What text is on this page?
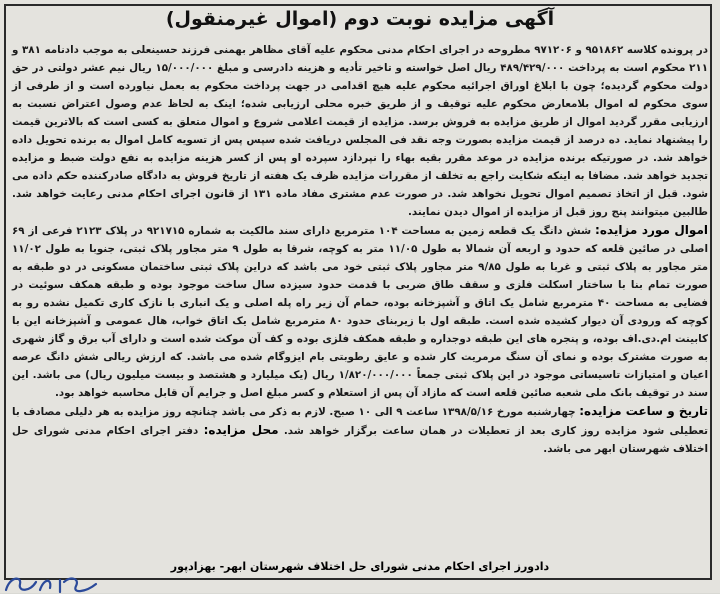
آگهی مزایده نوبت دوم (اموال غیرمنقول)

در پرونده کلاسه ۹۵۱۸۶۲ و ۹۷۱۲۰۶ مطروحه در اجرای احکام مدنی محکوم علیه آقای مظاهر بهمنی فرزند حسینعلی به موجب دادنامه ۳۸۱ و ۲۱۱ محکوم است به پرداخت ۴۸۹/۴۲۹/۰۰۰ ریال اصل خواسته و تاخیر تأدیه و هزینه دادرسی و مبلغ ۱۵/۰۰۰/۰۰۰ ریال نیم عشر دولتی در حق دولت محکوم گردیده؛ چون با ابلاغ اوراق اجرائیه محکوم علیه هیچ اقدامی در جهت پرداخت محکوم به بعمل نیاورده است و از طرفی از سوی محکوم له اموال بلامعارض محکوم علیه توقیف و از طریق خبره محلی ارزیابی شده؛ اینک به لحاظ عدم وصول اعتراض نسبت به ارزیابی مقرر گردید اموال از طریق مزایده به فروش برسد. مزایده از قیمت اعلامی شروع و اموال متعلق به کسی است که بالاترین قیمت را پیشنهاد نماید. ده درصد از قیمت مزایده بصورت وجه نقد فی المجلس دریافت شده سپس پس از تسویه کامل اموال به برنده تحویل داده خواهد شد. در صورتیکه برنده مزایده در موعد مقرر بقیه بهاء را نپردازد سپرده او پس از کسر هزینه مزایده به نفع دولت ضبط و مزایده تجدید خواهد شد. مضافا به اینکه شکایت راجع به تخلف از مقررات مزایده ظرف یک هفته از تاریخ فروش به دادگاه صادرکننده حکم داده می شود. قبل از اتخاذ تصمیم اموال تحویل نخواهد شد. در صورت عدم مشتری مفاد ماده ۱۳۱ از قانون اجرای احکام مدنی رعایت خواهد شد. طالبین میتوانند پنج روز قبل از مزایده از اموال دیدن نمایند.

اموال مورد مزایده: شش دانگ یک قطعه زمین به مساحت ۱۰۴ مترمربع دارای سند مالکیت به شماره ۹۲۱۷۱۵ در پلاک ۲۱۲۳ فرعی از ۶۹ اصلی در صائین قلعه که حدود و اربعه آن شمالا به طول ۱۱/۰۵ متر به کوچه، شرقا به طول ۹ متر مجاور پلاک ثبتی، جنوبا به طول ۱۱/۰۲ متر مجاور به پلاک ثبتی و غربا به طول ۹/۸۵ متر مجاور پلاک ثبتی خود می باشد که دراین پلاک ثبتی ساختمان مسکونی در دو طبقه به صورت تمام بنا با ساختار اسکلت فلزی و سقف طاق ضربی با قدمت حدود سیزده سال ساخت موجود بوده و طبقه همکف سوئیت در فضایی به مساحت ۴۰ مترمربع شامل یک اتاق و آشپزخانه بوده، حمام آن زیر راه پله اصلی و یک انباری با نازک کاری تکمیل نشده رو به کوچه که ورودی آن دیوار کشیده شده است. طبقه اول با زیربنای حدود ۸۰ مترمربع شامل یک اتاق خواب، هال عمومی و آشپزخانه این با کابینت ام.دی.اف بوده، و پنجره های این طبقه دوجداره و طبقه همکف فلزی بوده و کف آن موکت شده است و دارای آب برق و گاز شهری به صورت مشترک بوده و نمای آن سنگ مرمریت کار شده و عایق رطوبتی بام ایزوگام شده می باشد. که ارزش ریالی شش دانگ عرصه اعیان و امتیازات تاسیساتی موجود در این پلاک ثبتی جمعاً ۱/۸۲۰/۰۰۰/۰۰۰ ریال (یک میلیارد و هشتصد و بیست میلیون ریال) می باشد. این سند در توقیف بانک ملی شعبه صائین قلعه است که مازاد آن پس از استعلام و کسر مبلغ اصل و جرایم آن قابل محاسبه خواهد بود.

تاریخ و ساعت مزایده: چهارشنبه مورخ ۱۳۹۸/۵/۱۶ ساعت ۹ الی ۱۰ صبح. لازم به ذکر می باشد چنانچه روز مزایده به هر دلیلی مصادف با تعطیلی شود مزایده روز کاری بعد از تعطیلات در همان ساعت برگزار خواهد شد. محل مزایده: دفتر اجرای احکام مدنی شورای حل اختلاف شهرستان ابهر می باشد.

دادورز اجرای احکام مدنی شورای حل اختلاف شهرستان ابهر- بهزادپور
